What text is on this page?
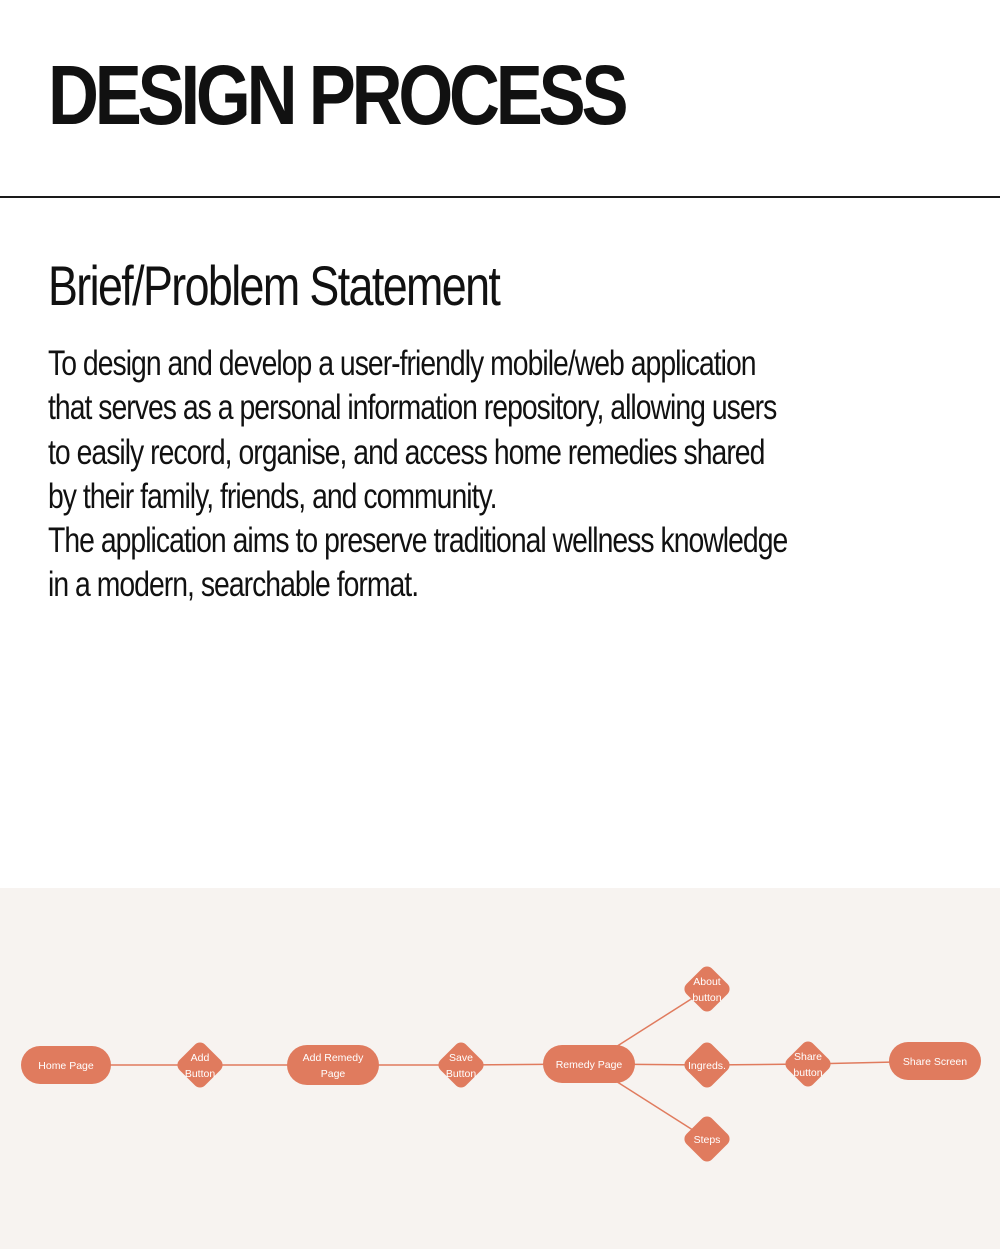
DESIGN PROCESS
Brief/Problem Statement

To design and develop a user-friendly mobile/web application
that serves as a personal information repository, allowing users
to easily record, organise, and access home remedies shared
by their family, friends, and community.
The application aims to preserve traditional wellness knowledge
in a modern, searchable format.

Home Page
Add
Button
Add Remedy
Page
Save
Button
Remedy Page
About
button
Ingreds.
Steps
Share
button
Share Screen
